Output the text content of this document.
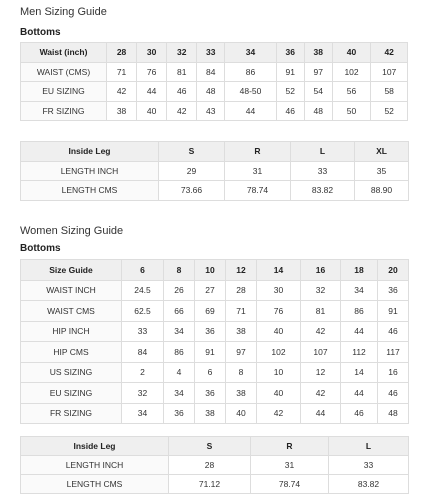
Men Sizing Guide
Bottoms
Waist (inch)	28	30	32	33	34	36	38	40	42
WAIST (CMS)	71	76	81	84	86	91	97	102	107
EU SIZING	42	44	46	48	48-50	52	54	56	58
FR SIZING	38	40	42	43	44	46	48	50	52
Inside Leg	S	R	L	XL
LENGTH INCH	29	31	33	35
LENGTH CMS	73.66	78.74	83.82	88.90
Women Sizing Guide
Bottoms
Size Guide	6	8	10	12	14	16	18	20
WAIST INCH	24.5	26	27	28	30	32	34	36
WAIST CMS	62.5	66	69	71	76	81	86	91
HIP INCH	33	34	36	38	40	42	44	46
HIP CMS	84	86	91	97	102	107	112	117
US SIZING	2	4	6	8	10	12	14	16
EU SIZING	32	34	36	38	40	42	44	46
FR SIZING	34	36	38	40	42	44	46	48
Inside Leg	S	R	L
LENGTH INCH	28	31	33
LENGTH CMS	71.12	78.74	83.82
